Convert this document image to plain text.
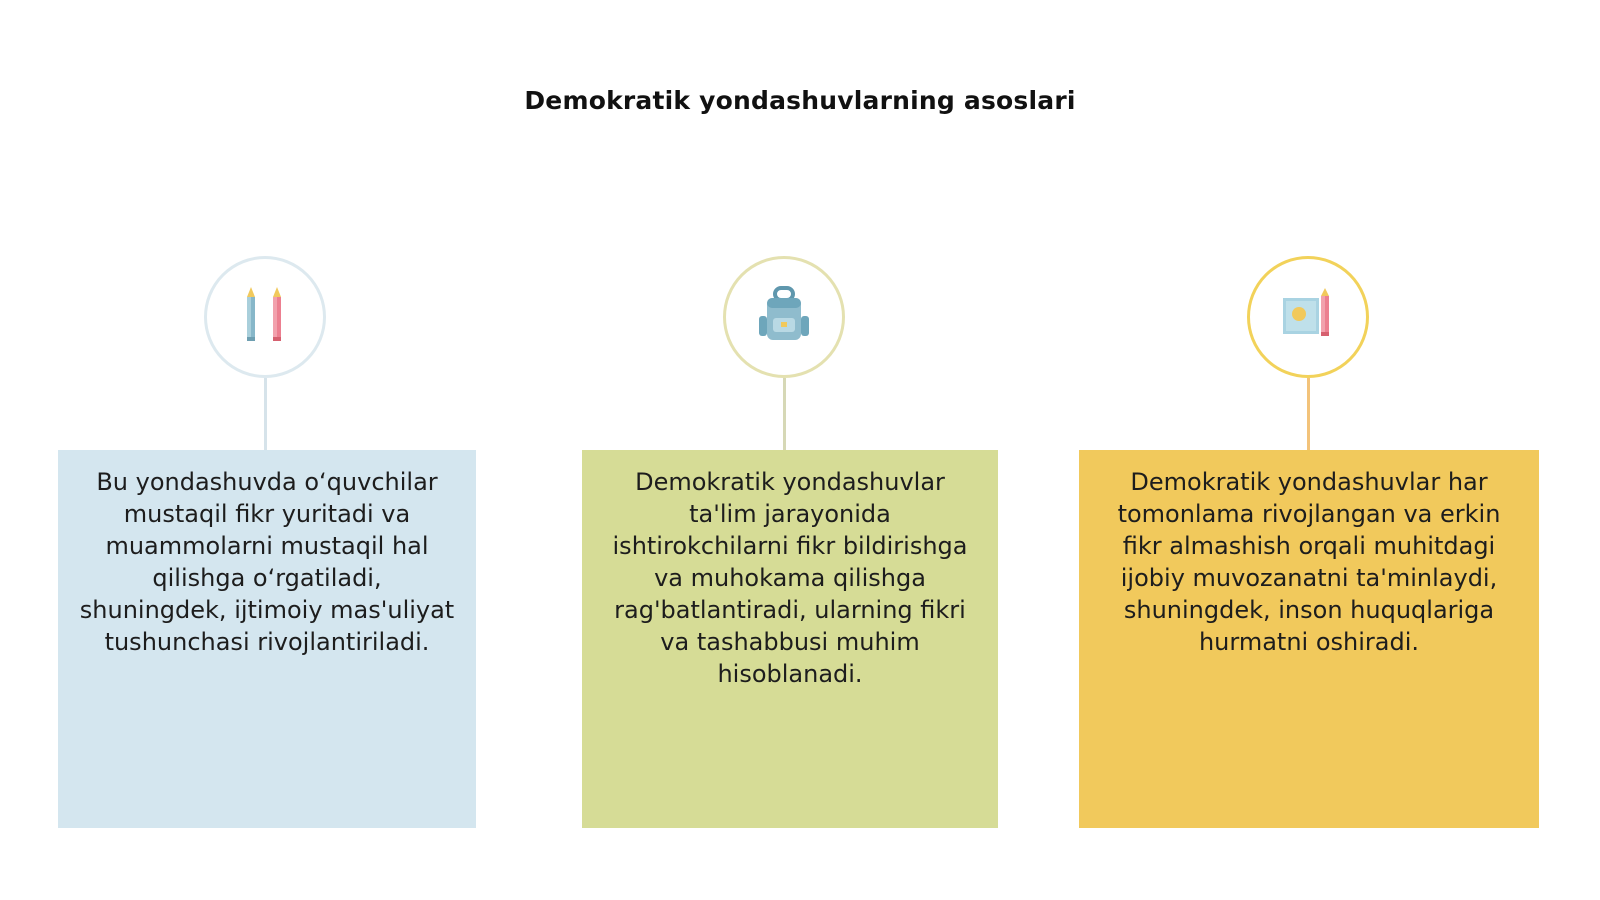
Demokratik yondashuvlarning asoslari
Bu yondashuvda o‘quvchilar mustaqil fikr yuritadi va muammolarni mustaqil hal qilishga o‘rgatiladi, shuningdek, ijtimoiy mas'uliyat tushunchasi rivojlantiriladi.
Demokratik yondashuvlar ta'lim jarayonida ishtirokchilarni fikr bildirishga va muhokama qilishga rag'batlantiradi, ularning fikri va tashabbusi muhim hisoblanadi.
Demokratik yondashuvlar har tomonlama rivojlangan va erkin fikr almashish orqali muhitdagi ijobiy muvozanatni ta'minlaydi, shuningdek, inson huquqlariga hurmatni oshiradi.
